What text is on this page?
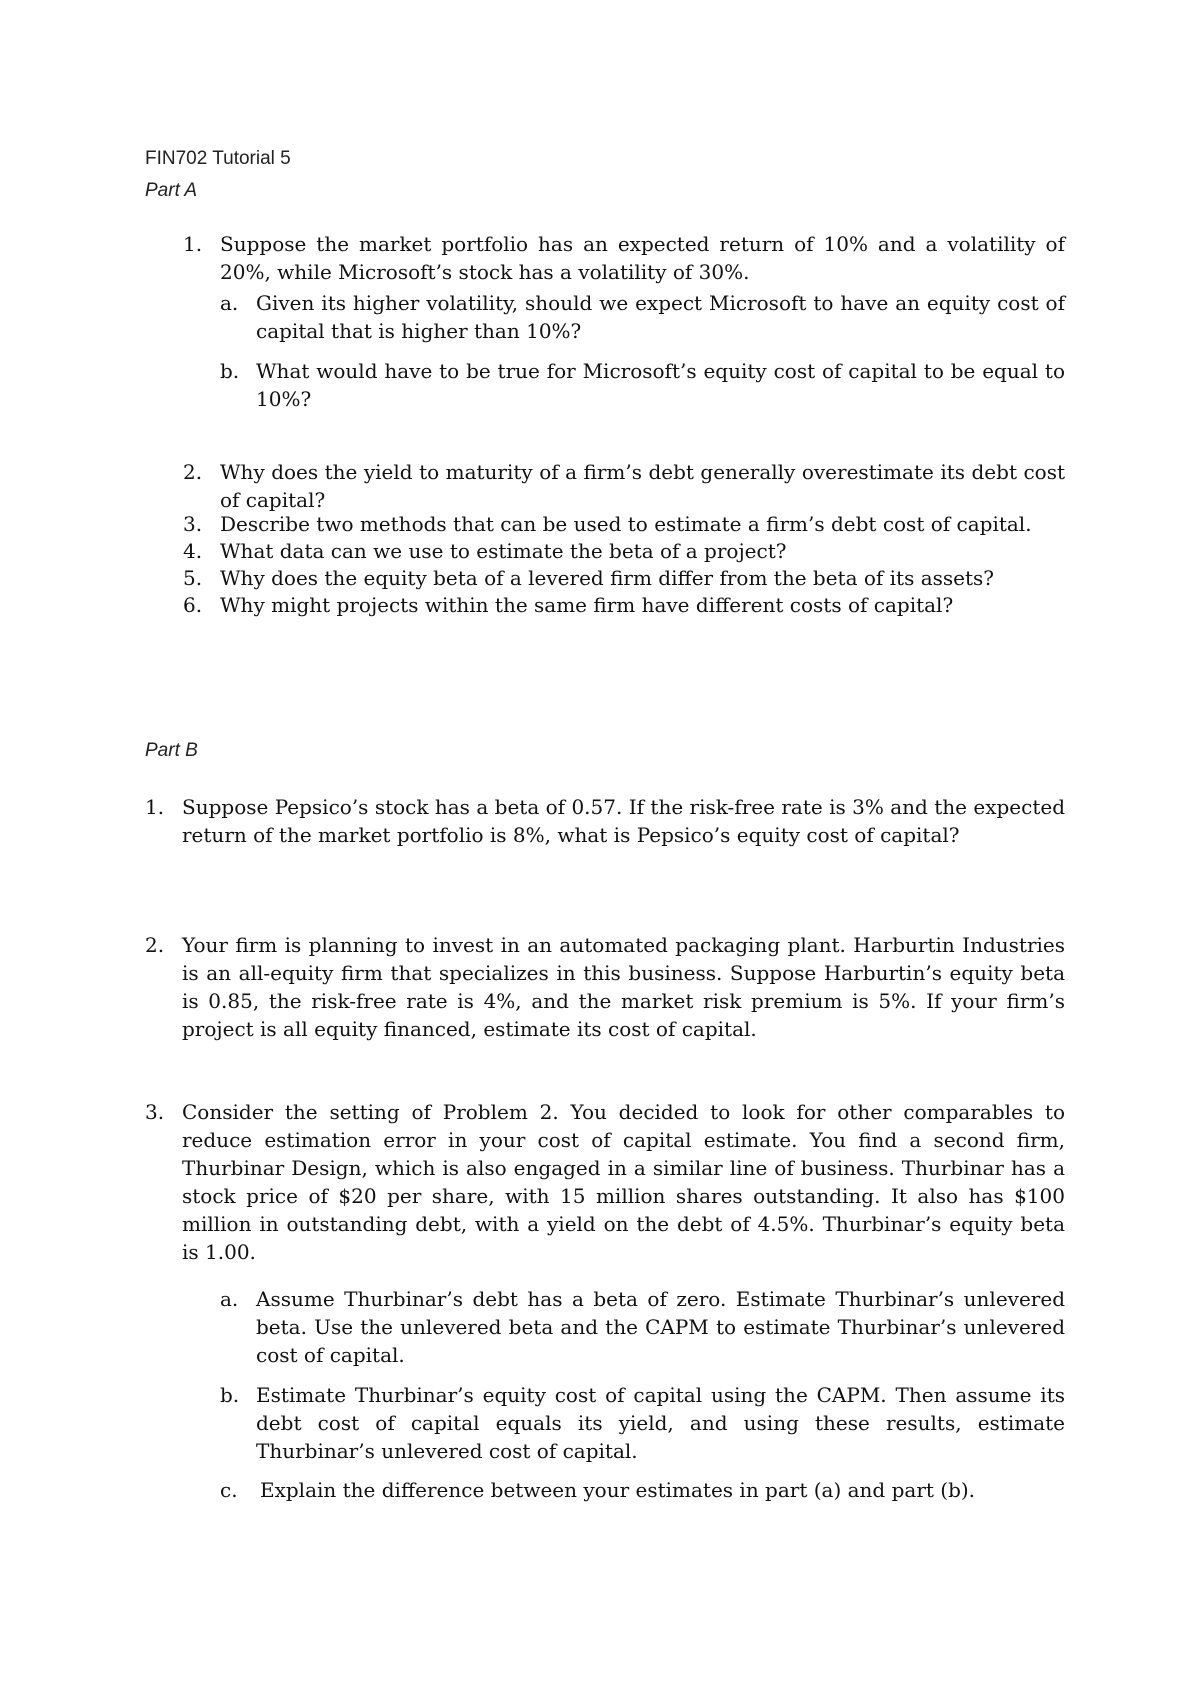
FIN702 Tutorial 5
Part A
1. Suppose the market portfolio has an expected return of 10% and a volatility of 20%, while Microsoft’s stock has a volatility of 30%.
a. Given its higher volatility, should we expect Microsoft to have an equity cost of capital that is higher than 10%?
b. What would have to be true for Microsoft’s equity cost of capital to be equal to 10%?
2. Why does the yield to maturity of a firm’s debt generally overestimate its debt cost of capital?
3. Describe two methods that can be used to estimate a firm’s debt cost of capital.
4. What data can we use to estimate the beta of a project?
5. Why does the equity beta of a levered firm differ from the beta of its assets?
6. Why might projects within the same firm have different costs of capital?
Part B
1. Suppose Pepsico’s stock has a beta of 0.57. If the risk-free rate is 3% and the expected return of the market portfolio is 8%, what is Pepsico’s equity cost of capital?
2. Your firm is planning to invest in an automated packaging plant. Harburtin Industries is an all-equity firm that specializes in this business. Suppose Harburtin’s equity beta is 0.85, the risk-free rate is 4%, and the market risk premium is 5%. If your firm’s project is all equity financed, estimate its cost of capital.
3. Consider the setting of Problem 2. You decided to look for other comparables to reduce estimation error in your cost of capital estimate. You find a second firm, Thurbinar Design, which is also engaged in a similar line of business. Thurbinar has a stock price of $20 per share, with 15 million shares outstanding. It also has $100 million in outstanding debt, with a yield on the debt of 4.5%. Thurbinar’s equity beta is 1.00.
a. Assume Thurbinar’s debt has a beta of zero. Estimate Thurbinar’s unlevered beta. Use the unlevered beta and the CAPM to estimate Thurbinar’s unlevered cost of capital.
b. Estimate Thurbinar’s equity cost of capital using the CAPM. Then assume its debt cost of capital equals its yield, and using these results, estimate Thurbinar’s unlevered cost of capital.
c. Explain the difference between your estimates in part (a) and part (b).
